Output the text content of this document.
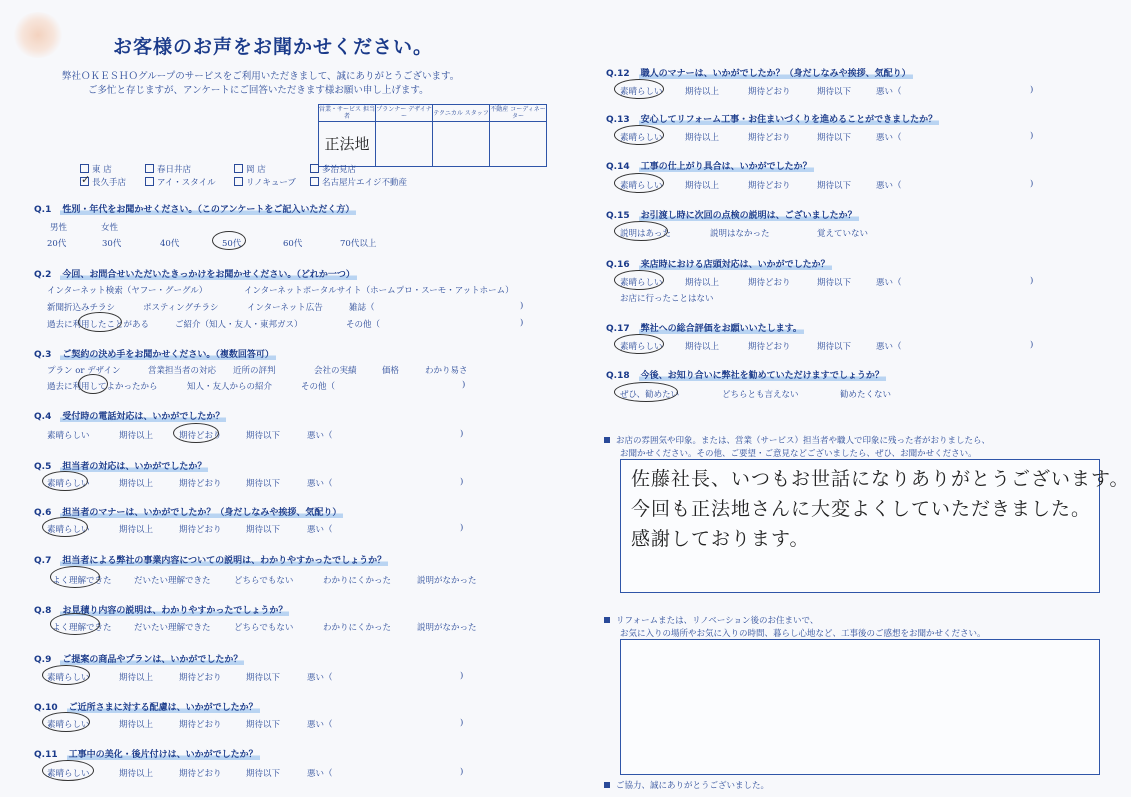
お客様のお声をお聞かせください。
弊社ＯＫＥＳＨＯグループのサービスをご利用いただきまして、誠にありがとうございます。
ご多忙と存じますが、アンケートにご回答いただきます様お願い申し上げます。
営業・サービス 担当者	プランナー デザイナー	テクニカル スタッフ	不動産 コーディネーター
正法地			
東 店	春日井店	岡 店	多治見店
✓ 長久手店	アイ・スタイル	リノキューブ	名古屋片エイジ不動産
Q.1　 性別・年代をお聞かせください。（このアンケートをご記入いただく方）
男性	女性
20代	30代	40代	50代	60代	70代以上
Q.2　 今回、お問合せいただいたきっかけをお聞かせください。（どれか一つ）
インターネット検索（ヤフー・グーグル）	インターネットポータルサイト（ホームプロ・スーモ・アットホーム）
新聞折込みチラシ	ポスティングチラシ	インターネット広告	雑誌（	)
過去に利用したことがある	ご紹介（知人・友人・東邦ガス）	その他（	)
Q.3　 ご契約の決め手をお聞かせください。（複数回答可）
プラン or デザイン	営業担当者の対応 近所の評判	会社の実績	価格	わかり易さ
過去に利用してよかったから	知人・友人からの紹介	その他（	)
Q.4　 受付時の電話対応は、いかがでしたか？
素晴らしい	期待以上	期待どおり	期待以下	悪い（	)
Q.5　 担当者の対応は、いかがでしたか？
素晴らしい	期待以上	期待どおり	期待以下	悪い（	)
Q.6　 担当者のマナーは、いかがでしたか？（身だしなみや挨拶、気配り）
素晴らしい	期待以上	期待どおり	期待以下	悪い（	)
Q.7　 担当者による弊社の事業内容についての説明は、わかりやすかったでしょうか？
よく理解できた	だいたい理解できた	どちらでもない	わかりにくかった	説明がなかった
Q.8　 お見積り内容の説明は、わかりやすかったでしょうか？
よく理解できた	だいたい理解できた	どちらでもない	わかりにくかった	説明がなかった
Q.9　 ご提案の商品やプランは、いかがでしたか？
素晴らしい	期待以上	期待どおり	期待以下	悪い（	)
Q.10　 ご近所さまに対する配慮は、いかがでしたか？
素晴らしい	期待以上	期待どおり	期待以下	悪い（	)
Q.11　 工事中の美化・後片付けは、いかがでしたか？
素晴らしい	期待以上	期待どおり	期待以下	悪い（	)
Q.12　 職人のマナーは、いかがでしたか？（身だしなみや挨拶、気配り）
素晴らしい	期待以上	期待どおり	期待以下	悪い（	)
Q.13　 安心してリフォーム工事・お住まいづくりを進めることができましたか？
素晴らしい	期待以上	期待どおり	期待以下	悪い（	)
Q.14　 工事の仕上がり具合は、いかがでしたか？
素晴らしい	期待以上	期待どおり	期待以下	悪い（	)
Q.15　 お引渡し時に次回の点検の説明は、ございましたか？
説明はあった	説明はなかった	覚えていない
Q.16　 来店時における店頭対応は、いかがでしたか？
素晴らしい	期待以上	期待どおり	期待以下	悪い（	)
お店に行ったことはない
Q.17　 弊社への総合評価をお願いいたします。
素晴らしい	期待以上	期待どおり	期待以下	悪い（	)
Q.18　 今後、お知り合いに弊社を勧めていただけますでしょうか？
ぜひ、勧めたい	どちらとも言えない	勧めたくない
お店の雰囲気や印象。または、営業（サービス）担当者や職人で印象に残った者がおりましたら、
お聞かせください。その他、ご要望・ご意見などございましたら、ぜひ、お聞かせください。
佐藤社長、いつもお世話になりありがとうございます。
今回も正法地さんに大変よくしていただきました。
感謝しております。
リフォームまたは、リノベーション後のお住まいで、
お気に入りの場所やお気に入りの時間、暮らし心地など、工事後のご感想をお聞かせください。
ご協力、誠にありがとうございました。
